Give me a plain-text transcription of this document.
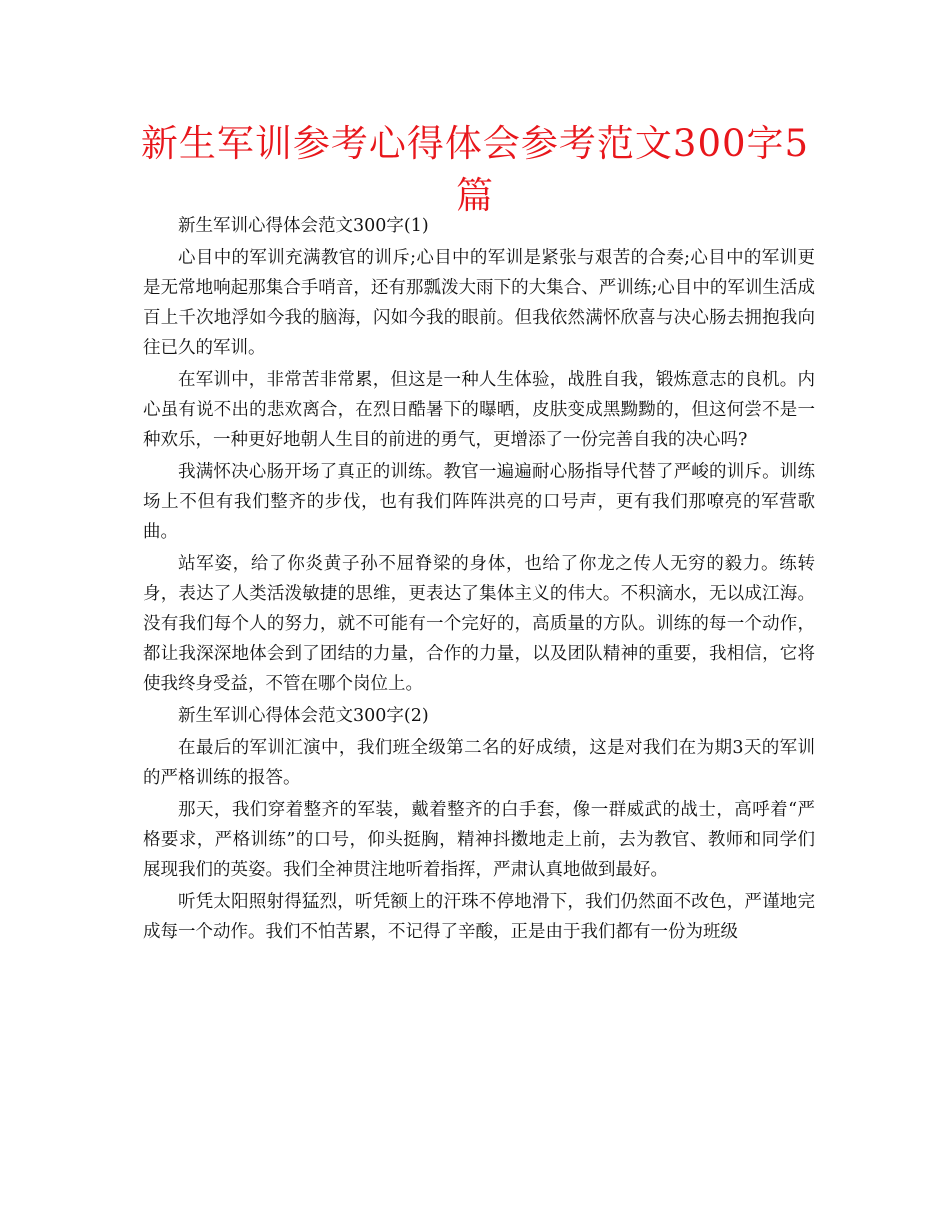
新生军训参考心得体会参考范文300字5篇

新生军训心得体会范文300字(1)

心目中的军训充满教官的训斥;心目中的军训是紧张与艰苦的合奏;心目中的军训更是无常地响起那集合手哨音，还有那瓢泼大雨下的大集合、严训练;心目中的军训生活成百上千次地浮如今我的脑海，闪如今我的眼前。但我依然满怀欣喜与决心肠去拥抱我向往已久的军训。

在军训中，非常苦非常累，但这是一种人生体验，战胜自我，锻炼意志的良机。内心虽有说不出的悲欢离合，在烈日酷暑下的曝晒，皮肤变成黑黝黝的，但这何尝不是一种欢乐，一种更好地朝人生目的前进的勇气，更增添了一份完善自我的决心吗?

我满怀决心肠开场了真正的训练。教官一遍遍耐心肠指导代替了严峻的训斥。训练场上不但有我们整齐的步伐，也有我们阵阵洪亮的口号声，更有我们那嘹亮的军营歌曲。

站军姿，给了你炎黄子孙不屈脊梁的身体，也给了你龙之传人无穷的毅力。练转身，表达了人类活泼敏捷的思维，更表达了集体主义的伟大。不积滴水，无以成江海。没有我们每个人的努力，就不可能有一个完好的，高质量的方队。训练的每一个动作，都让我深深地体会到了团结的力量，合作的力量，以及团队精神的重要，我相信，它将使我终身受益，不管在哪个岗位上。

新生军训心得体会范文300字(2)

在最后的军训汇演中，我们班全级第二名的好成绩，这是对我们在为期3天的军训的严格训练的报答。

那天，我们穿着整齐的军装，戴着整齐的白手套，像一群威武的战士，高呼着“严格要求，严格训练”的口号，仰头挺胸，精神抖擞地走上前，去为教官、教师和同学们展现我们的英姿。我们全神贯注地听着指挥，严肃认真地做到最好。

听凭太阳照射得猛烈，听凭额上的汗珠不停地滑下，我们仍然面不改色，严谨地完成每一个动作。我们不怕苦累，不记得了辛酸，正是由于我们都有一份为班级
